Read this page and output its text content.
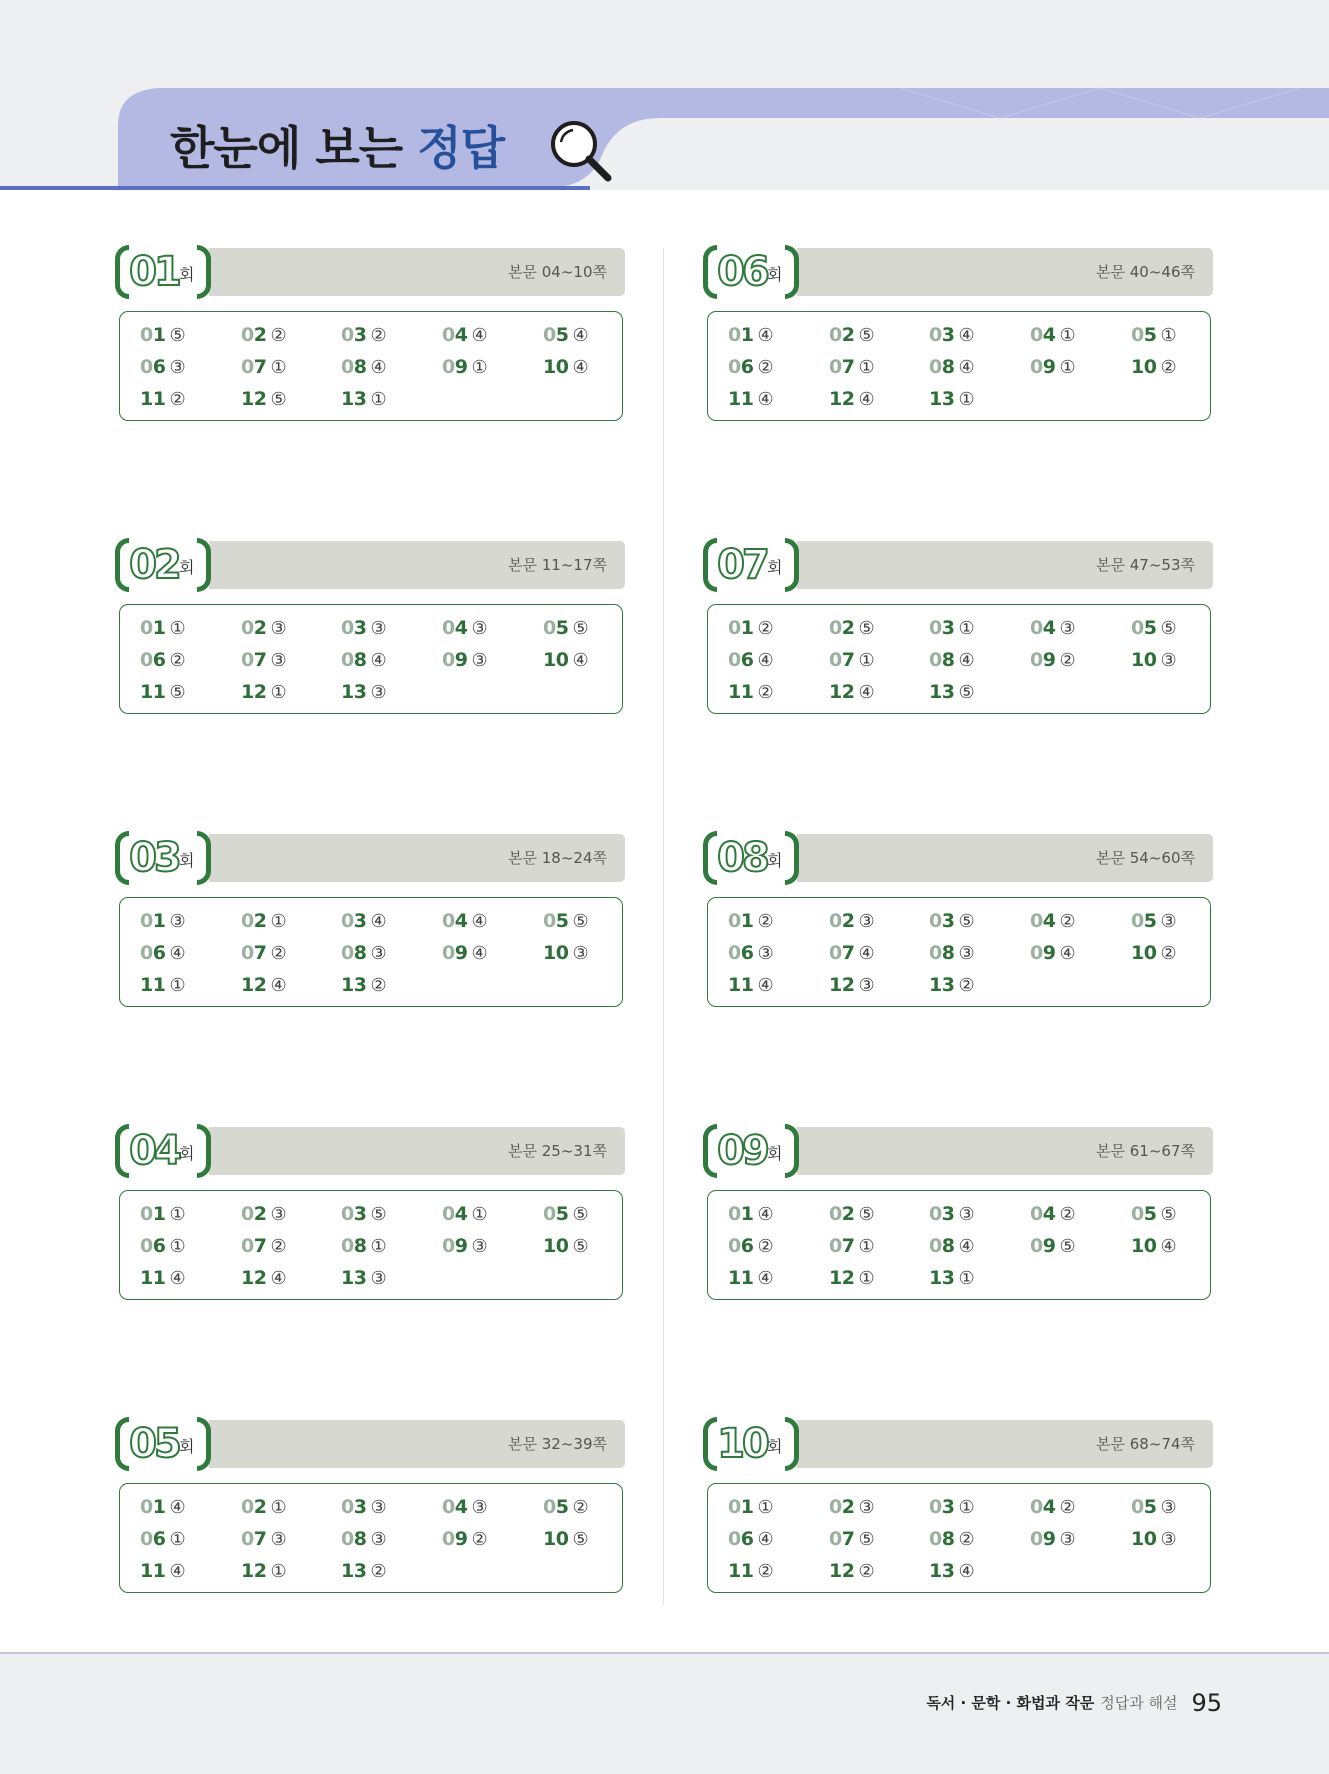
한눈에 보는 정답
01 회	본문 04~10쪽
01 ⑤	02 ②	03 ②	04 ④	05 ④
06 ③	07 ①	08 ④	09 ①	10 ④
11 ②	12 ⑤	13 ①
02 회	본문 11~17쪽
01 ①	02 ③	03 ③	04 ③	05 ⑤
06 ②	07 ③	08 ④	09 ③	10 ④
11 ⑤	12 ①	13 ③
03 회	본문 18~24쪽
01 ③	02 ①	03 ④	04 ④	05 ⑤
06 ④	07 ②	08 ③	09 ④	10 ③
11 ①	12 ④	13 ②
04 회	본문 25~31쪽
01 ①	02 ③	03 ⑤	04 ①	05 ⑤
06 ①	07 ②	08 ①	09 ③	10 ⑤
11 ④	12 ④	13 ③
05 회	본문 32~39쪽
01 ④	02 ①	03 ③	04 ③	05 ②
06 ①	07 ③	08 ③	09 ②	10 ⑤
11 ④	12 ①	13 ②
06 회	본문 40~46쪽
01 ④	02 ⑤	03 ④	04 ①	05 ①
06 ②	07 ①	08 ④	09 ①	10 ②
11 ④	12 ④	13 ①
07 회	본문 47~53쪽
01 ②	02 ⑤	03 ①	04 ③	05 ⑤
06 ④	07 ①	08 ④	09 ②	10 ③
11 ②	12 ④	13 ⑤
08 회	본문 54~60쪽
01 ②	02 ③	03 ⑤	04 ②	05 ③
06 ③	07 ④	08 ③	09 ④	10 ②
11 ④	12 ③	13 ②
09 회	본문 61~67쪽
01 ④	02 ⑤	03 ③	04 ②	05 ⑤
06 ②	07 ①	08 ④	09 ⑤	10 ④
11 ④	12 ①	13 ①
10 회	본문 68~74쪽
01 ①	02 ③	03 ①	04 ②	05 ③
06 ④	07 ⑤	08 ②	09 ③	10 ③
11 ②	12 ②	13 ④
독서 · 문학 · 화법과 작문 정답과 해설 95
